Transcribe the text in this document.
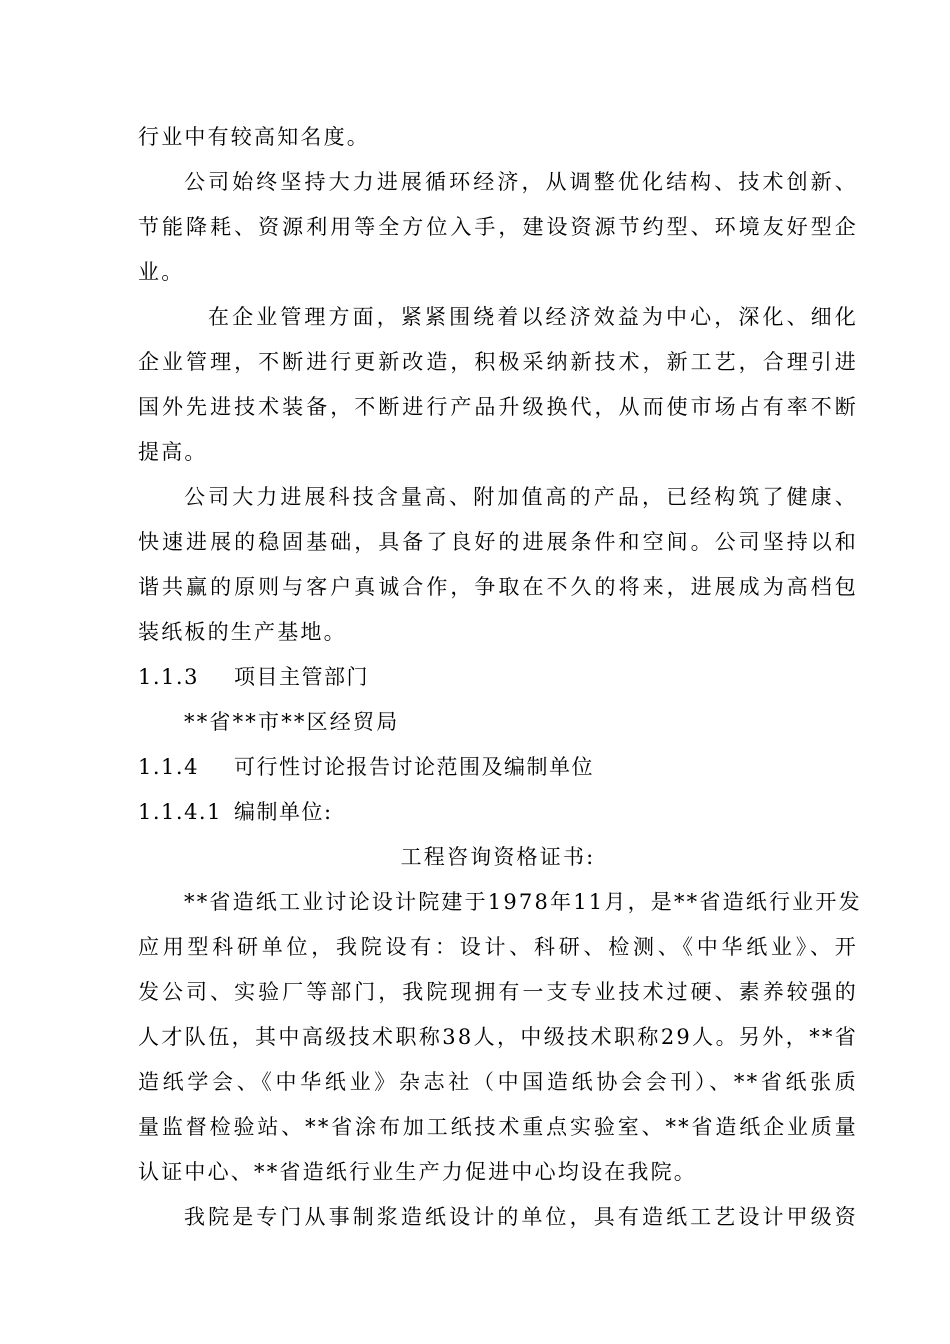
行业中有较高知名度。
公司始终坚持大力进展循环经济，从调整优化结构、技术创新、
节能降耗、资源利用等全方位入手，建设资源节约型、环境友好型企
业。
在企业管理方面，紧紧围绕着以经济效益为中心，深化、细化
企业管理，不断进行更新改造，积极采纳新技术，新工艺，合理引进
国外先进技术装备，不断进行产品升级换代，从而使市场占有率不断
提高。
公司大力进展科技含量高、附加值高的产品，已经构筑了健康、
快速进展的稳固基础，具备了良好的进展条件和空间。公司坚持以和
谐共赢的原则与客户真诚合作，争取在不久的将来，进展成为高档包
装纸板的生产基地。
1.1.3 项目主管部门
**省**市**区经贸局
1.1.4 可行性讨论报告讨论范围及编制单位
1.1.4.1 编制单位:
工程咨询资格证书:
**省造纸工业讨论设计院建于1978年11月，是**省造纸行业开发
应用型科研单位，我院设有：设计、科研、检测、《中华纸业》、开
发公司、实验厂等部门，我院现拥有一支专业技术过硬、素养较强的
人才队伍，其中高级技术职称38人，中级技术职称29人。另外，**省
造纸学会、《中华纸业》杂志社（中国造纸协会会刊）、**省纸张质
量监督检验站、**省涂布加工纸技术重点实验室、**省造纸企业质量
认证中心、**省造纸行业生产力促进中心均设在我院。
我院是专门从事制浆造纸设计的单位，具有造纸工艺设计甲级资
